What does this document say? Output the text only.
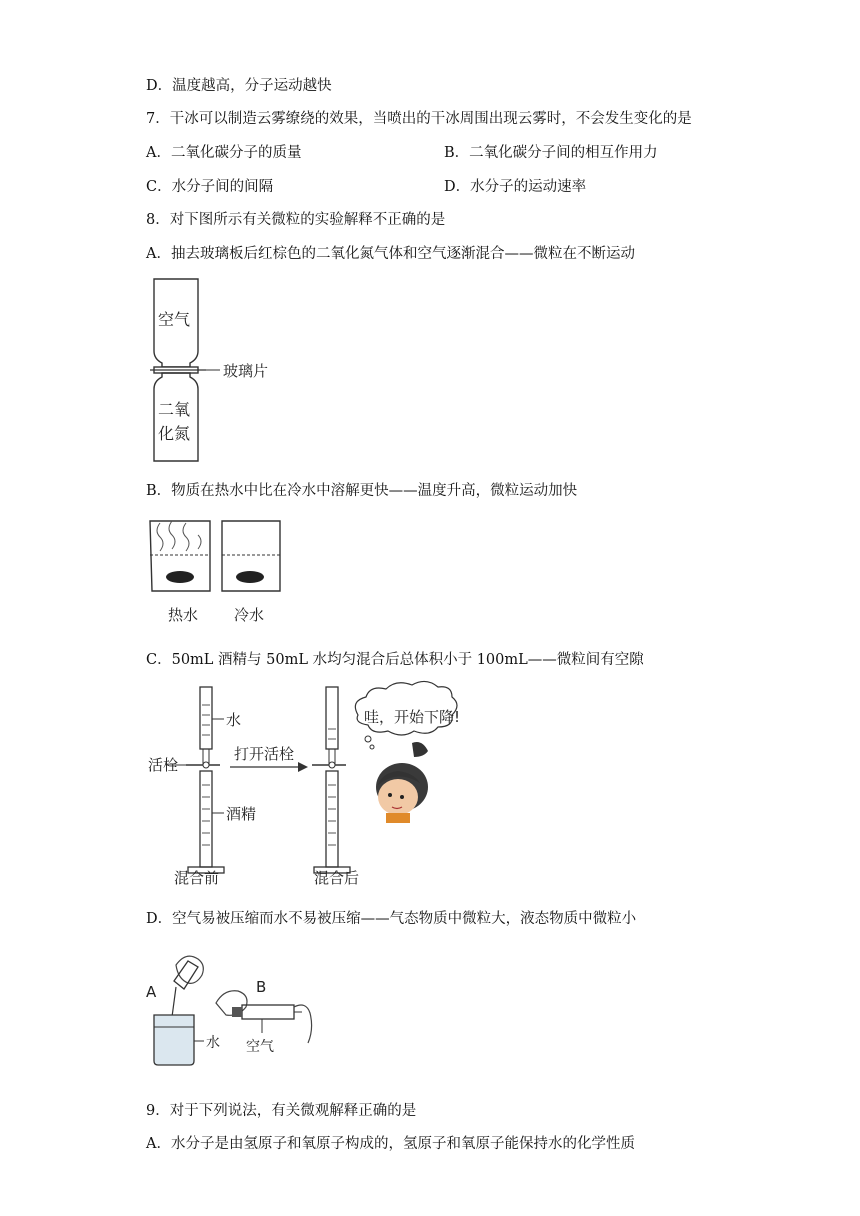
D．温度越高，分子运动越快
7．干冰可以制造云雾缭绕的效果，当喷出的干冰周围出现云雾时，不会发生变化的是
A．二氧化碳分子的质量	B．二氧化碳分子间的相互作用力
C．水分子间的间隔	D．水分子的运动速率
8．对下图所示有关微粒的实验解释不正确的是
A．抽去玻璃板后红棕色的二氧化氮气体和空气逐渐混合——微粒在不断运动
B．物质在热水中比在冷水中溶解更快——温度升高，微粒运动加快
C．50mL 酒精与 50mL 水均匀混合后总体积小于 100mL——微粒间有空隙
D．空气易被压缩而水不易被压缩——气态物质中微粒大，液态物质中微粒小
9．对于下列说法，有关微观解释正确的是
A．水分子是由氢原子和氧原子构成的，氢原子和氧原子能保持水的化学性质
空气
玻璃片
二氧
化氮
热水 冷水
水
活栓
酒精
打开活栓
混合前	混合后
哇，开始下降!
A	B
水 空气
